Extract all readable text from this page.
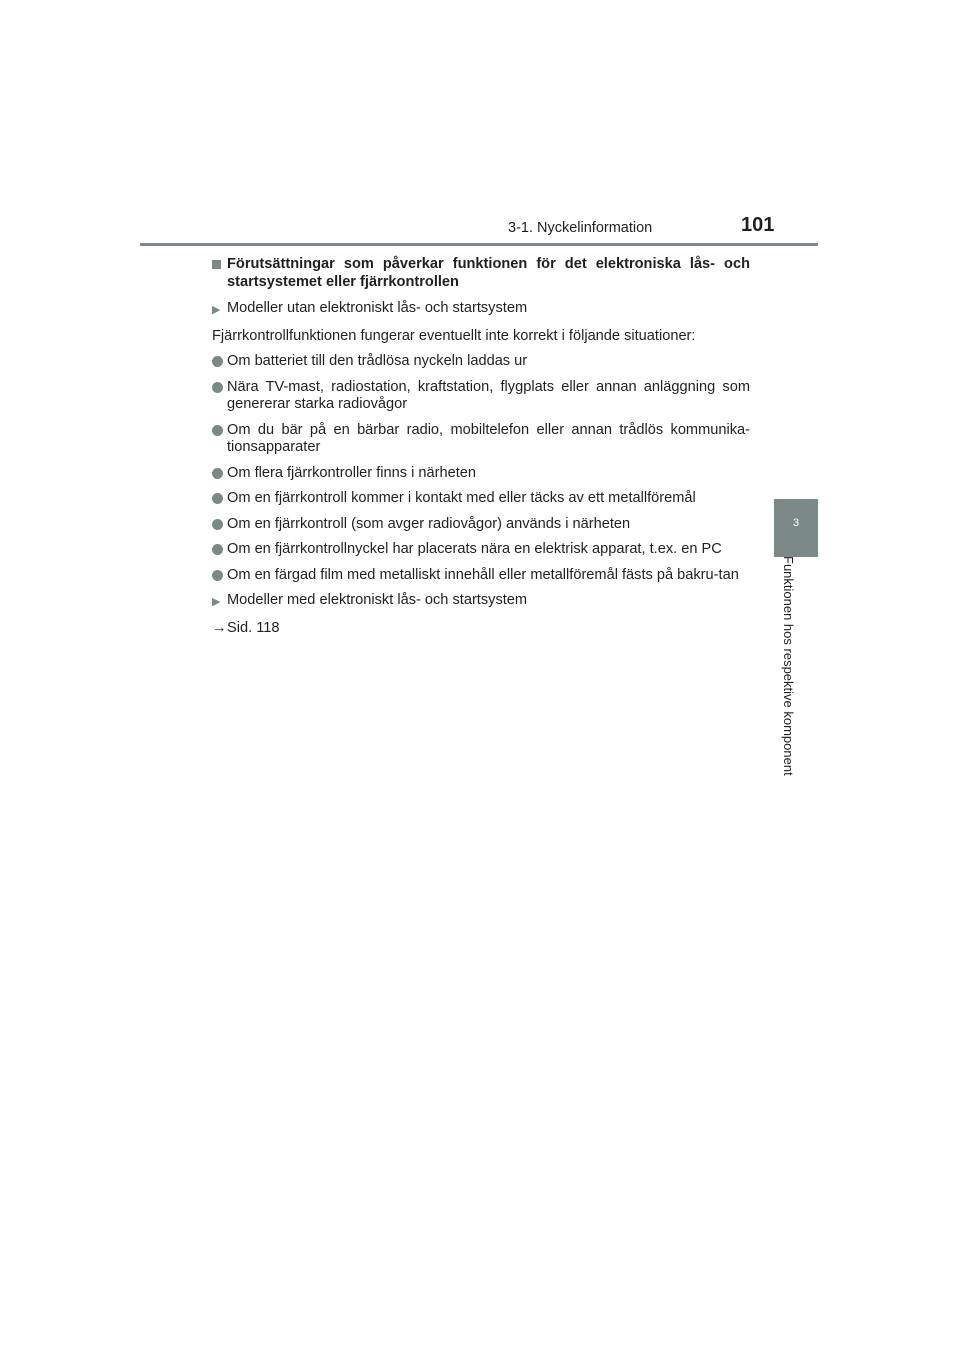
3-1. Nyckelinformation	101
3
Funktionen hos respektive komponent
Förutsättningar som påverkar funktionen för det elektroniska lås- och startsystemet eller fjärrkontrollen
▶ Modeller utan elektroniskt lås- och startsystem
Fjärrkontrollfunktionen fungerar eventuellt inte korrekt i följande situationer:
Om batteriet till den trådlösa nyckeln laddas ur
Nära TV-mast, radiostation, kraftstation, flygplats eller annan anläggning som genererar starka radiovågor
Om du bär på en bärbar radio, mobiltelefon eller annan trådlös kommunika-tionsapparater
Om flera fjärrkontroller finns i närheten
Om en fjärrkontroll kommer i kontakt med eller täcks av ett metallföremål
Om en fjärrkontroll (som avger radiovågor) används i närheten
Om en fjärrkontrollnyckel har placerats nära en elektrisk apparat, t.ex. en PC
Om en färgad film med metalliskt innehåll eller metallföremål fästs på bakru-tan
▶ Modeller med elektroniskt lås- och startsystem
→ Sid. 118
